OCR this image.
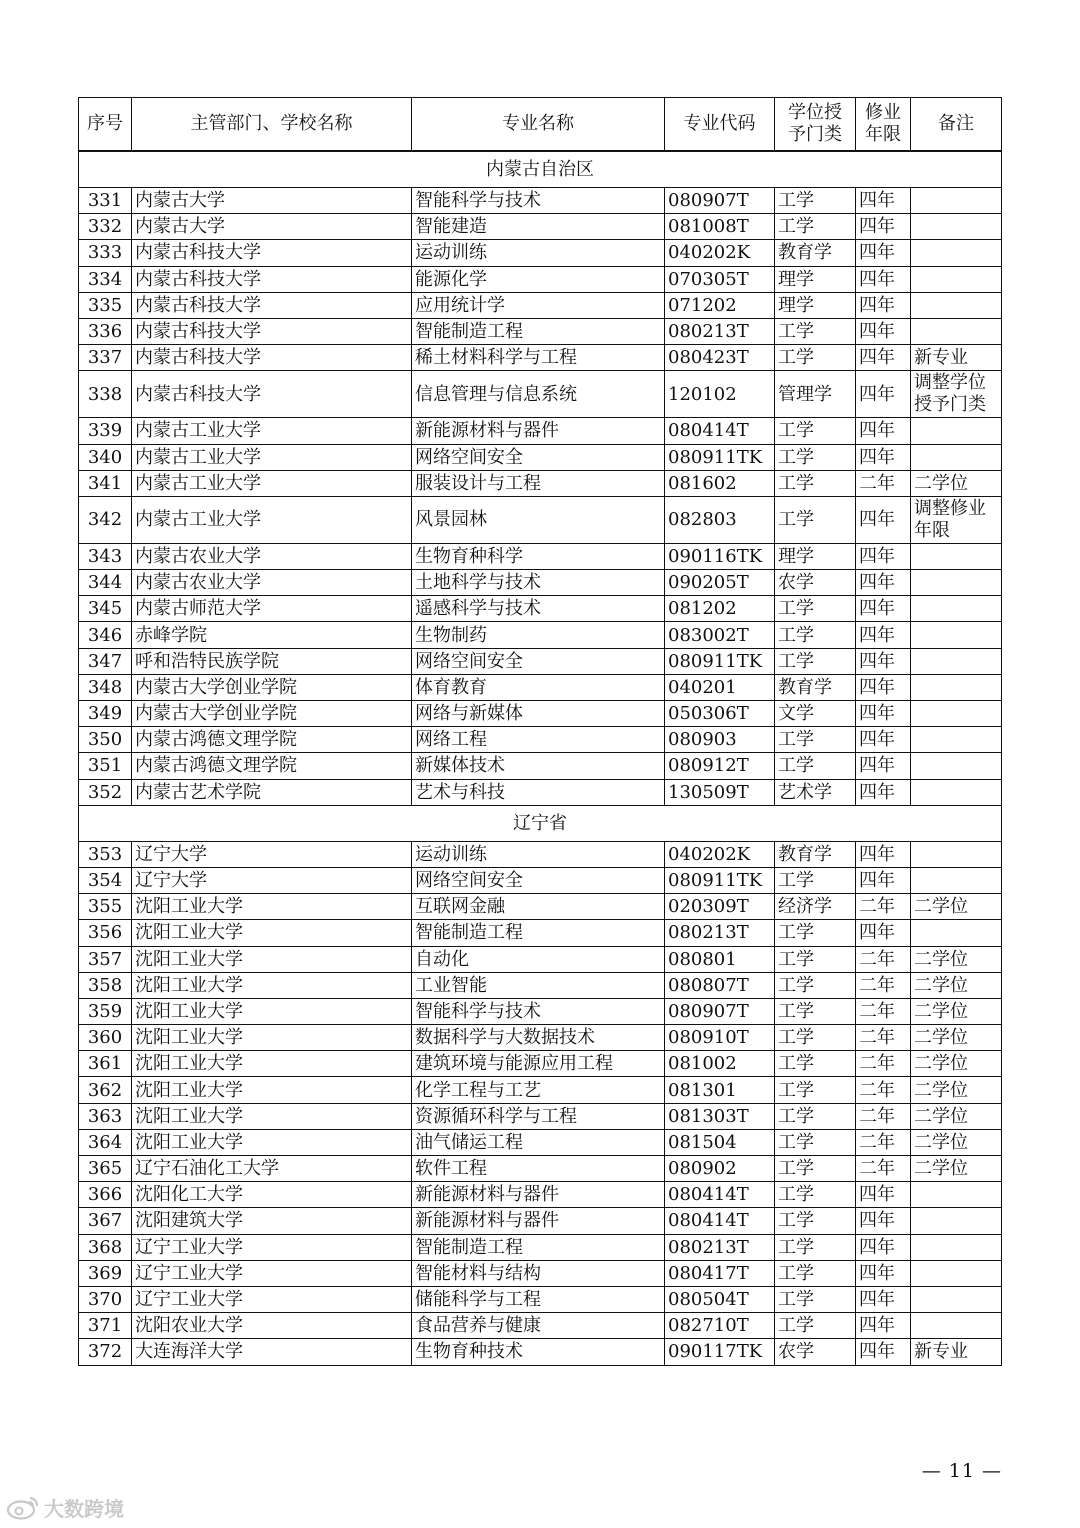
序号	主管部门、学校名称	专业名称	专业代码	学位授予门类	修业年限	备注
内蒙古自治区						
331	内蒙古大学	智能科学与技术	080907T	工学	四年	
332	内蒙古大学	智能建造	081008T	工学	四年	
333	内蒙古科技大学	运动训练	040202K	教育学	四年	
334	内蒙古科技大学	能源化学	070305T	理学	四年	
335	内蒙古科技大学	应用统计学	071202	理学	四年	
336	内蒙古科技大学	智能制造工程	080213T	工学	四年	
337	内蒙古科技大学	稀土材料科学与工程	080423T	工学	四年	新专业
338	内蒙古科技大学	信息管理与信息系统	120102	管理学	四年	调整学位授予门类
339	内蒙古工业大学	新能源材料与器件	080414T	工学	四年	
340	内蒙古工业大学	网络空间安全	080911TK	工学	四年	
341	内蒙古工业大学	服装设计与工程	081602	工学	二年	二学位
342	内蒙古工业大学	风景园林	082803	工学	四年	调整修业年限
343	内蒙古农业大学	生物育种科学	090116TK	理学	四年	
344	内蒙古农业大学	土地科学与技术	090205T	农学	四年	
345	内蒙古师范大学	遥感科学与技术	081202	工学	四年	
346	赤峰学院	生物制药	083002T	工学	四年	
347	呼和浩特民族学院	网络空间安全	080911TK	工学	四年	
348	内蒙古大学创业学院	体育教育	040201	教育学	四年	
349	内蒙古大学创业学院	网络与新媒体	050306T	文学	四年	
350	内蒙古鸿德文理学院	网络工程	080903	工学	四年	
351	内蒙古鸿德文理学院	新媒体技术	080912T	工学	四年	
352	内蒙古艺术学院	艺术与科技	130509T	艺术学	四年	
辽宁省						
353	辽宁大学	运动训练	040202K	教育学	四年	
354	辽宁大学	网络空间安全	080911TK	工学	四年	
355	沈阳工业大学	互联网金融	020309T	经济学	二年	二学位
356	沈阳工业大学	智能制造工程	080213T	工学	四年	
357	沈阳工业大学	自动化	080801	工学	二年	二学位
358	沈阳工业大学	工业智能	080807T	工学	二年	二学位
359	沈阳工业大学	智能科学与技术	080907T	工学	二年	二学位
360	沈阳工业大学	数据科学与大数据技术	080910T	工学	二年	二学位
361	沈阳工业大学	建筑环境与能源应用工程	081002	工学	二年	二学位
362	沈阳工业大学	化学工程与工艺	081301	工学	二年	二学位
363	沈阳工业大学	资源循环科学与工程	081303T	工学	二年	二学位
364	沈阳工业大学	油气储运工程	081504	工学	二年	二学位
365	辽宁石油化工大学	软件工程	080902	工学	二年	二学位
366	沈阳化工大学	新能源材料与器件	080414T	工学	四年	
367	沈阳建筑大学	新能源材料与器件	080414T	工学	四年	
368	辽宁工业大学	智能制造工程	080213T	工学	四年	
369	辽宁工业大学	智能材料与结构	080417T	工学	四年	
370	辽宁工业大学	储能科学与工程	080504T	工学	四年	
371	沈阳农业大学	食品营养与健康	082710T	工学	四年	
372	大连海洋大学	生物育种技术	090117TK	农学	四年	新专业
— 11 —
大数跨境
